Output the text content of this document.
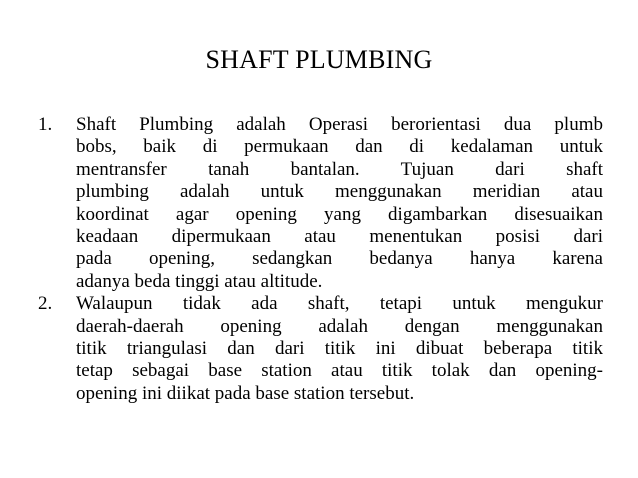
SHAFT PLUMBING
1. Shaft Plumbing adalah Operasi berorientasi dua plumb
bobs, baik di permukaan dan di kedalaman untuk
mentransfer tanah bantalan. Tujuan dari shaft
plumbing adalah untuk menggunakan meridian atau
koordinat agar opening yang digambarkan disesuaikan
keadaan dipermukaan atau menentukan posisi dari
pada opening, sedangkan bedanya hanya karena
adanya beda tinggi atau altitude.
2. Walaupun tidak ada shaft, tetapi untuk mengukur
daerah-daerah opening adalah dengan menggunakan
titik triangulasi dan dari titik ini dibuat beberapa titik
tetap sebagai base station atau titik tolak dan opening-
opening ini diikat pada base station tersebut.
